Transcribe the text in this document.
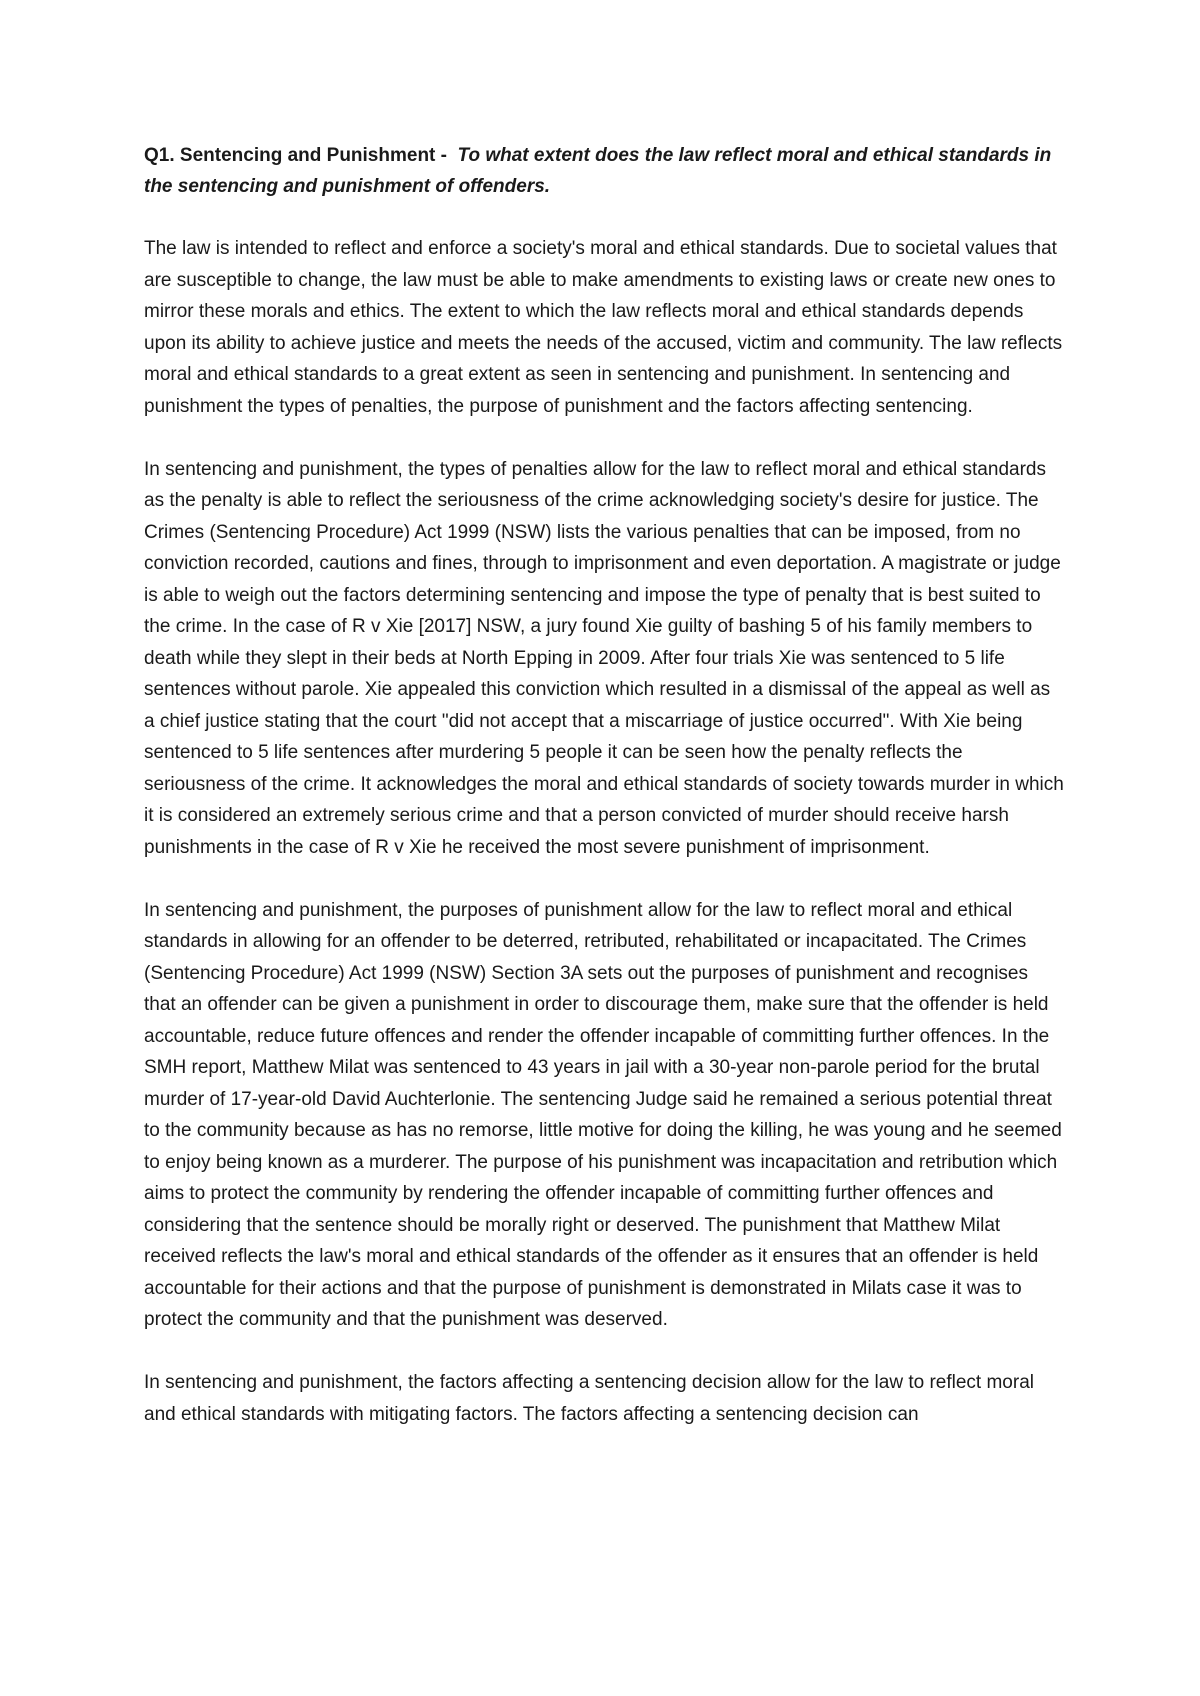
Q1. Sentencing and Punishment - To what extent does the law reflect moral and ethical standards in the sentencing and punishment of offenders.

The law is intended to reflect and enforce a society's moral and ethical standards. Due to societal values that are susceptible to change, the law must be able to make amendments to existing laws or create new ones to mirror these morals and ethics. The extent to which the law reflects moral and ethical standards depends upon its ability to achieve justice and meets the needs of the accused, victim and community. The law reflects moral and ethical standards to a great extent as seen in sentencing and punishment. In sentencing and punishment the types of penalties, the purpose of punishment and the factors affecting sentencing.

In sentencing and punishment, the types of penalties allow for the law to reflect moral and ethical standards as the penalty is able to reflect the seriousness of the crime acknowledging society's desire for justice. The Crimes (Sentencing Procedure) Act 1999 (NSW) lists the various penalties that can be imposed, from no conviction recorded, cautions and fines, through to imprisonment and even deportation. A magistrate or judge is able to weigh out the factors determining sentencing and impose the type of penalty that is best suited to the crime. In the case of R v Xie [2017] NSW, a jury found Xie guilty of bashing 5 of his family members to death while they slept in their beds at North Epping in 2009. After four trials Xie was sentenced to 5 life sentences without parole. Xie appealed this conviction which resulted in a dismissal of the appeal as well as a chief justice stating that the court "did not accept that a miscarriage of justice occurred". With Xie being sentenced to 5 life sentences after murdering 5 people it can be seen how the penalty reflects the seriousness of the crime. It acknowledges the moral and ethical standards of society towards murder in which it is considered an extremely serious crime and that a person convicted of murder should receive harsh punishments in the case of R v Xie he received the most severe punishment of imprisonment.

In sentencing and punishment, the purposes of punishment allow for the law to reflect moral and ethical standards in allowing for an offender to be deterred, retributed, rehabilitated or incapacitated. The Crimes (Sentencing Procedure) Act 1999 (NSW) Section 3A sets out the purposes of punishment and recognises that an offender can be given a punishment in order to discourage them, make sure that the offender is held accountable, reduce future offences and render the offender incapable of committing further offences. In the SMH report, Matthew Milat was sentenced to 43 years in jail with a 30-year non-parole period for the brutal murder of 17-year-old David Auchterlonie. The sentencing Judge said he remained a serious potential threat to the community because as has no remorse, little motive for doing the killing, he was young and he seemed to enjoy being known as a murderer. The purpose of his punishment was incapacitation and retribution which aims to protect the community by rendering the offender incapable of committing further offences and considering that the sentence should be morally right or deserved. The punishment that Matthew Milat received reflects the law's moral and ethical standards of the offender as it ensures that an offender is held accountable for their actions and that the purpose of punishment is demonstrated in Milats case it was to protect the community and that the punishment was deserved.

In sentencing and punishment, the factors affecting a sentencing decision allow for the law to reflect moral and ethical standards with mitigating factors. The factors affecting a sentencing decision can
